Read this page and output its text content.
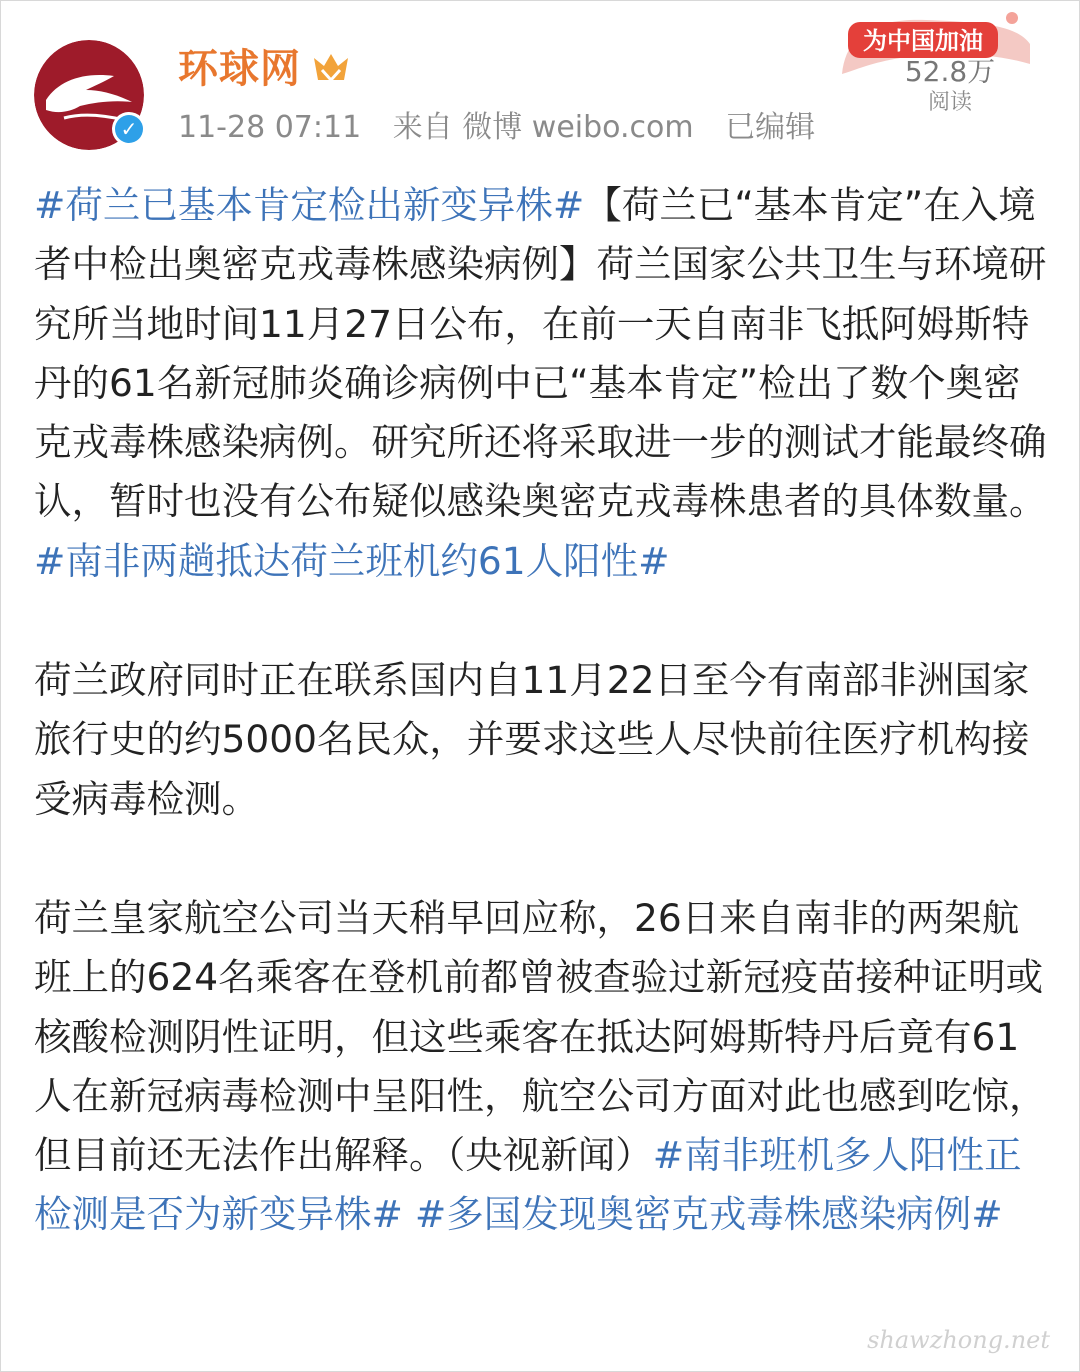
✓
环球网
11-28 07:11 来自 微博 weibo.com 已编辑
为中国加油
52.8万
阅读

#荷兰已基本肯定检出新变异株#【荷兰已“基本肯定”在入境者中检出奥密克戎毒株感染病例】荷兰国家公共卫生与环境研究所当地时间11月27日公布，在前一天自南非飞抵阿姆斯特丹的61名新冠肺炎确诊病例中已“基本肯定”检出了数个奥密克戎毒株感染病例。研究所还将采取进一步的测试才能最终确认，暂时也没有公布疑似感染奥密克戎毒株患者的具体数量。#南非两趟抵达荷兰班机约61人阳性#

荷兰政府同时正在联系国内自11月22日至今有南部非洲国家旅行史的约5000名民众，并要求这些人尽快前往医疗机构接受病毒检测。

荷兰皇家航空公司当天稍早回应称，26日来自南非的两架航班上的624名乘客在登机前都曾被查验过新冠疫苗接种证明或核酸检测阴性证明，但这些乘客在抵达阿姆斯特丹后竟有61人在新冠病毒检测中呈阳性，航空公司方面对此也感到吃惊，但目前还无法作出解释。（央视新闻）#南非班机多人阳性正检测是否为新变异株# #多国发现奥密克戎毒株感染病例#

shawzhong.net
